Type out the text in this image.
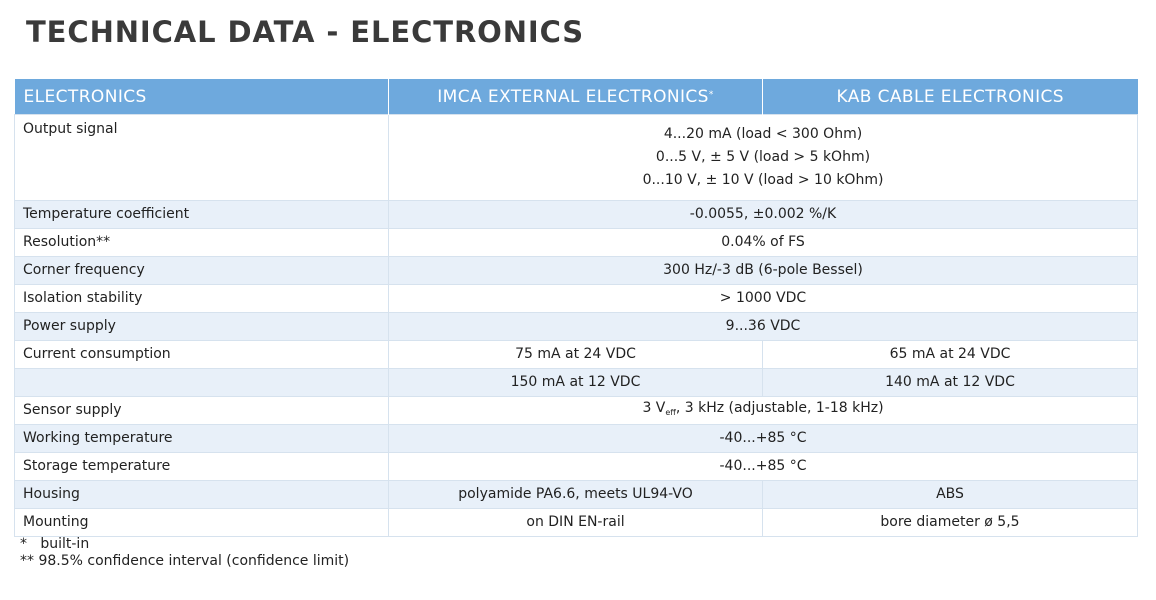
TECHNICAL DATA - ELECTRONICS
ELECTRONICS	IMCA EXTERNAL ELECTRONICS*	KAB CABLE ELECTRONICS
Output signal	4...20 mA (load < 300 Ohm)
0...5 V, ± 5 V (load > 5 kOhm)
0...10 V, ± 10 V (load > 10 kOhm)	

Temperature coefficient	-0.0055, ±0.002 %/K	
Resolution**	0.04% of FS	
Corner frequency	300 Hz/-3 dB (6-pole Bessel)	
Isolation stability	> 1000 VDC	
Power supply	9...36 VDC	
Current consumption	75 mA at 24 VDC	65 mA at 24 VDC
	150 mA at 12 VDC	140 mA at 12 VDC
Sensor supply	3 $V_{eff}$, 3 kHz (adjustable, 1-18 kHz)	
Working temperature	-40...+85 °C	
Storage temperature	-40...+85 °C	
Housing	polyamide PA6.6, meets UL94-VO	ABS
Mounting	on DIN EN-rail	bore diameter ø 5,5
*   built-in
** 98.5% confidence interval (confidence limit)
